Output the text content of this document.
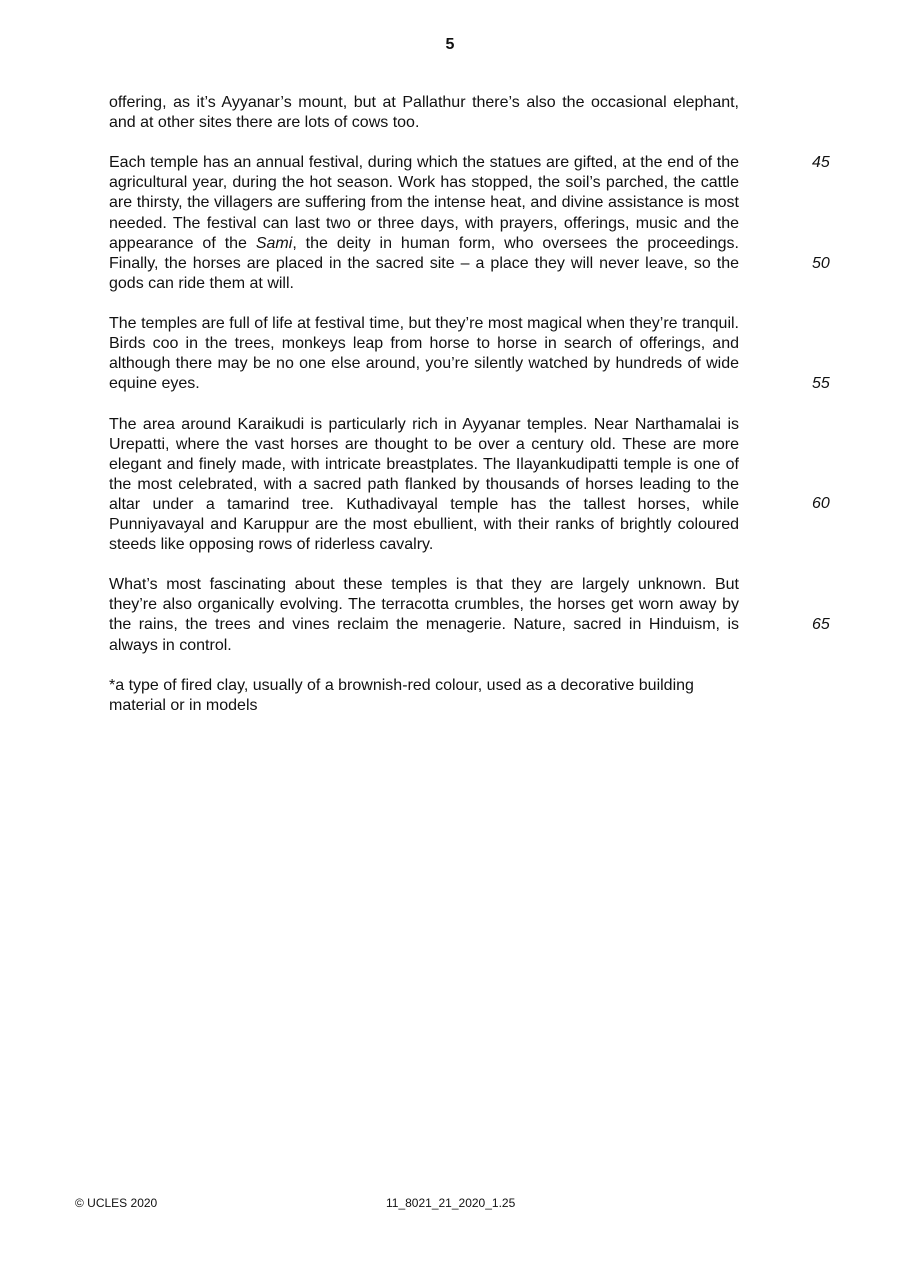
5

offering, as it’s Ayyanar’s mount, but at Pallathur there’s also the occasional elephant, and at other sites there are lots of cows too.

Each temple has an annual festival, during which the statues are gifted, at the end of the agricultural year, during the hot season. Work has stopped, the soil’s parched, the cattle are thirsty, the villagers are suffering from the intense heat, and divine assistance is most needed. The festival can last two or three days, with prayers, offerings, music and the appearance of the Sami, the deity in human form, who oversees the proceedings. Finally, the horses are placed in the sacred site – a place they will never leave, so the gods can ride them at will.

The temples are full of life at festival time, but they’re most magical when they’re tranquil. Birds coo in the trees, monkeys leap from horse to horse in search of offerings, and although there may be no one else around, you’re silently watched by hundreds of wide equine eyes.

The area around Karaikudi is particularly rich in Ayyanar temples. Near Narthamalai is Urepatti, where the vast horses are thought to be over a century old. These are more elegant and finely made, with intricate breastplates. The Ilayankudipatti temple is one of the most celebrated, with a sacred path flanked by thousands of horses leading to the altar under a tamarind tree. Kuthadivayal temple has the tallest horses, while Punniyavayal and Karuppur are the most ebullient, with their ranks of brightly coloured steeds like opposing rows of riderless cavalry.

What’s most fascinating about these temples is that they are largely unknown. But they’re also organically evolving. The terracotta crumbles, the horses get worn away by the rains, the trees and vines reclaim the menagerie. Nature, sacred in Hinduism, is always in control.

*a type of fired clay, usually of a brownish-red colour, used as a decorative building material or in models

45
50
55
60
65
© UCLES 2020	11_8021_21_2020_1.25
